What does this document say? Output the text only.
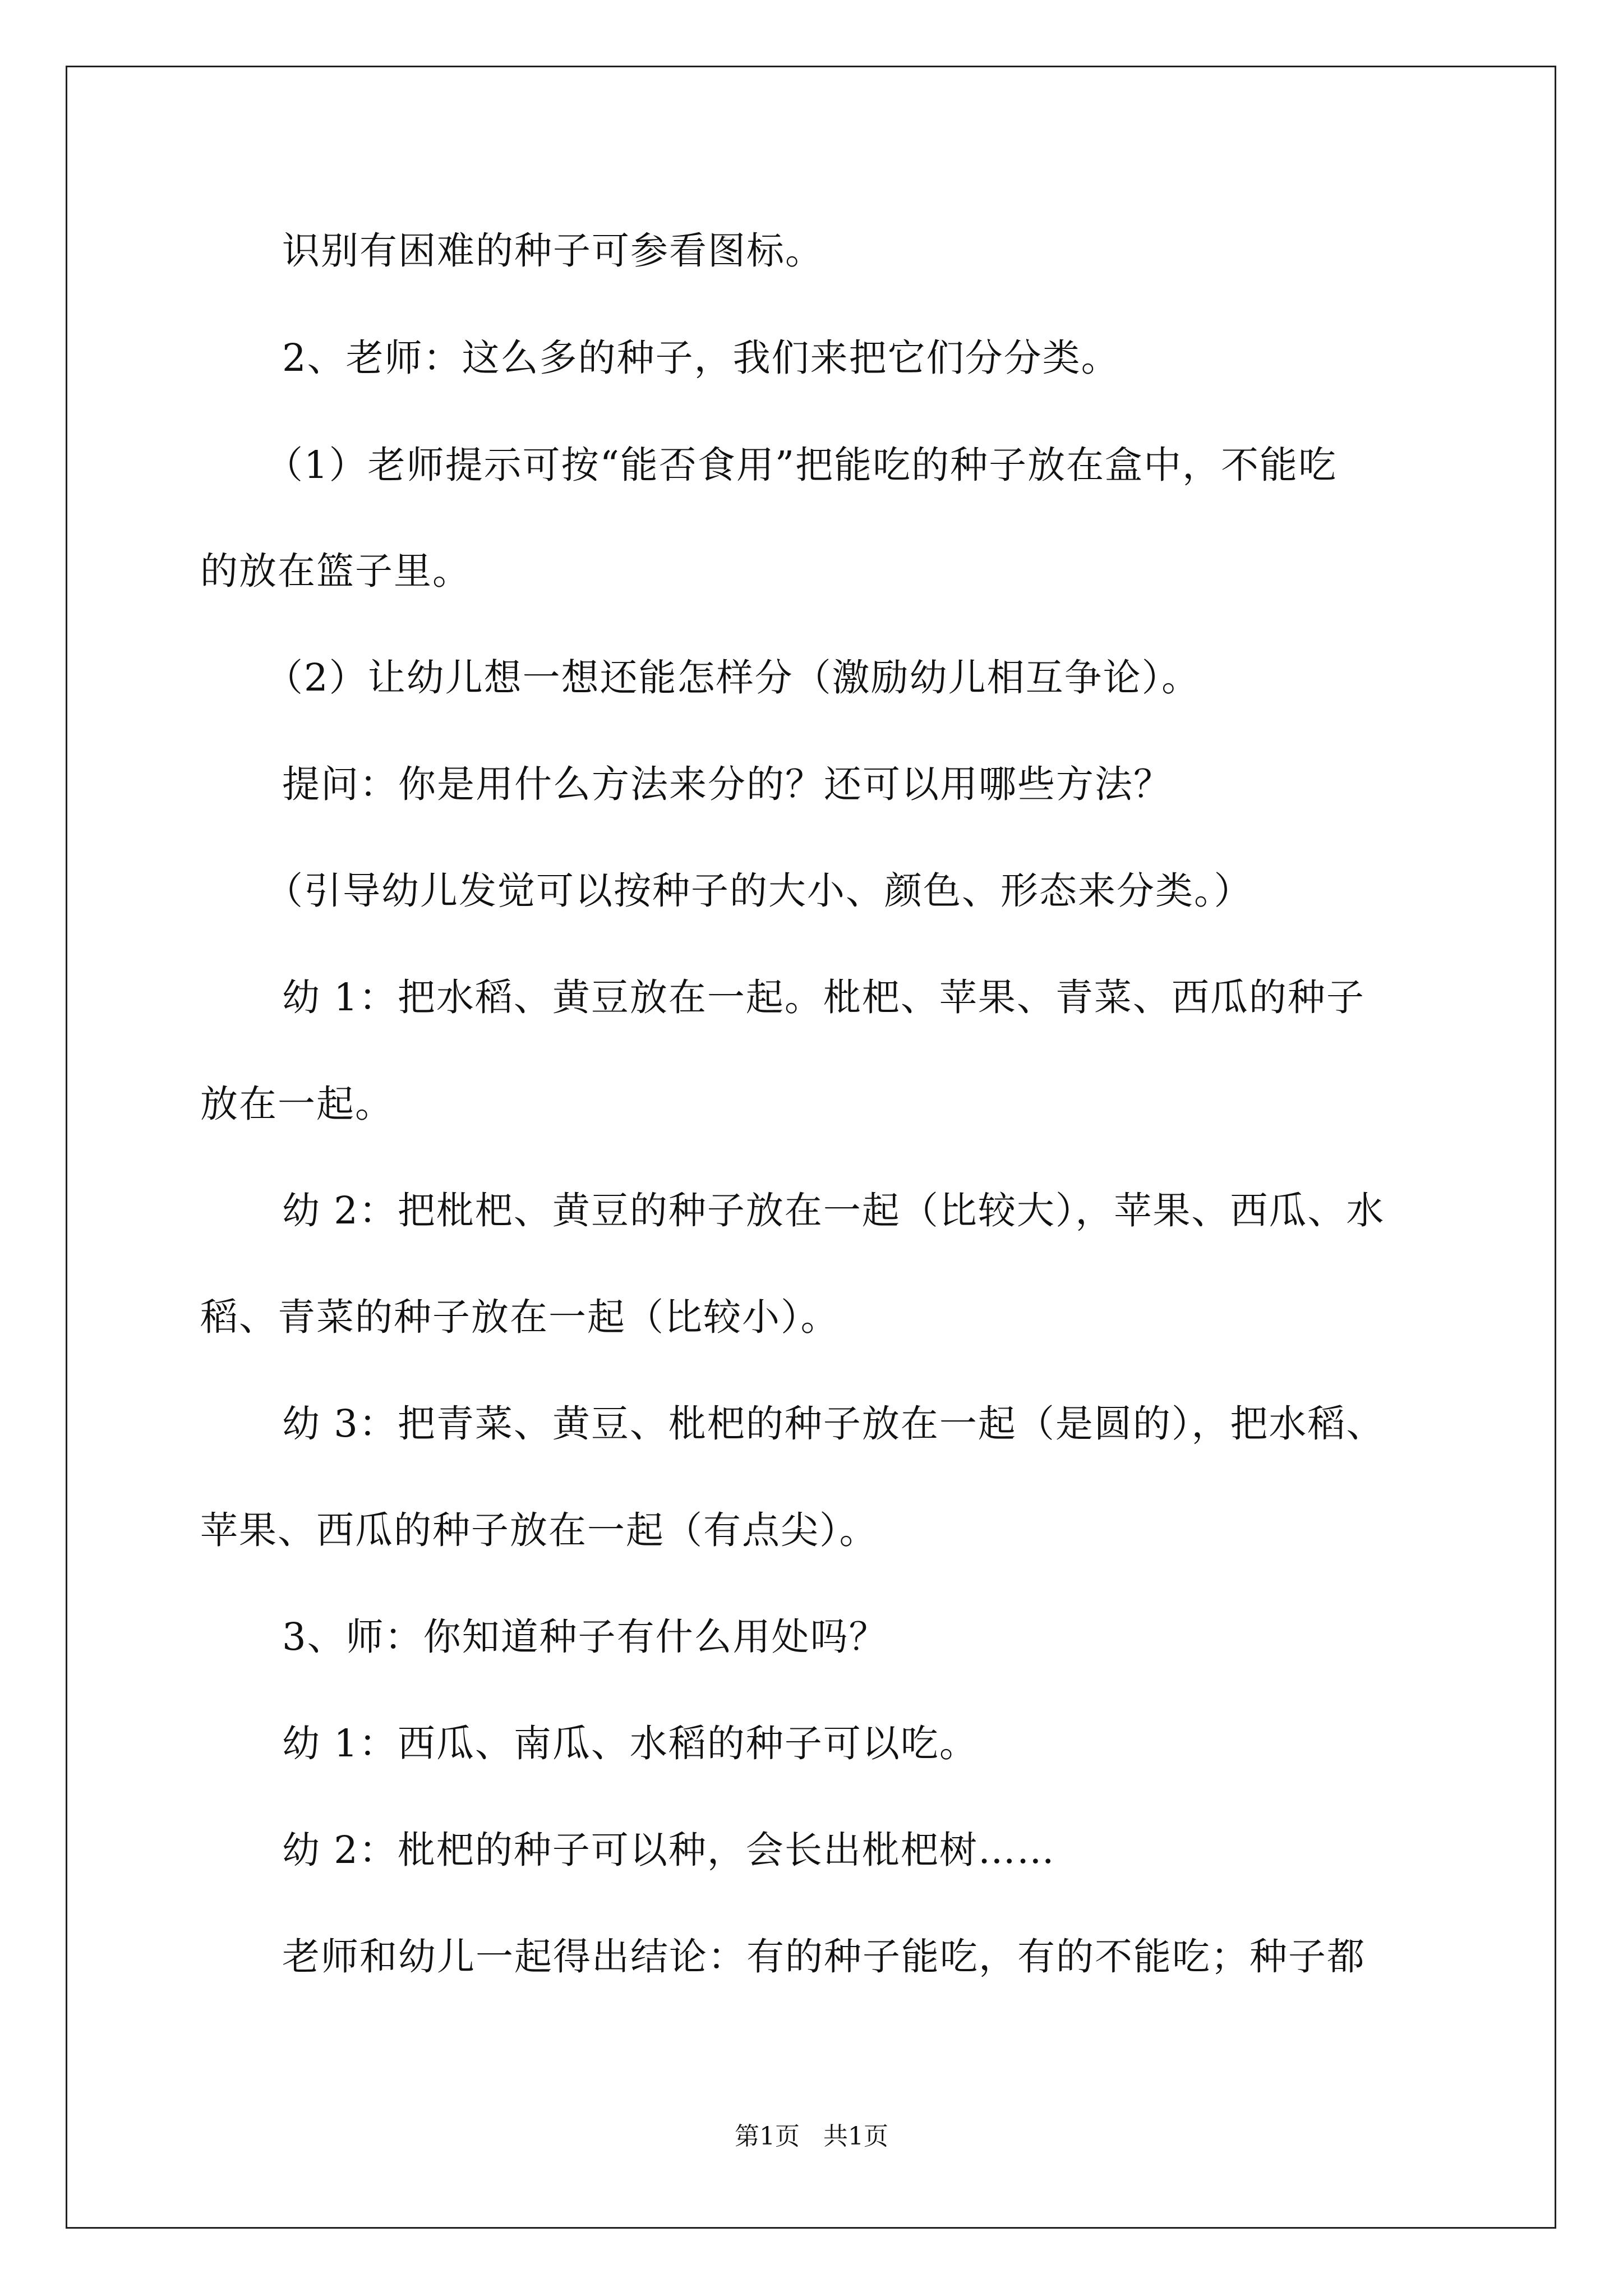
识别有困难的种子可参看图标。
2、老师：这么多的种子，我们来把它们分分类。
（1）老师提示可按“能否食用”把能吃的种子放在盒中，不能吃
的放在篮子里。
（2）让幼儿想一想还能怎样分（激励幼儿相互争论）。
提问：你是用什么方法来分的？还可以用哪些方法？
（引导幼儿发觉可以按种子的大小、颜色、形态来分类。）
幼 1：把水稻、黄豆放在一起。枇杷、苹果、青菜、西瓜的种子
放在一起。
幼 2：把枇杷、黄豆的种子放在一起（比较大），苹果、西瓜、水
稻、青菜的种子放在一起（比较小）。
幼 3：把青菜、黄豆、枇杷的种子放在一起（是圆的），把水稻、
苹果、西瓜的种子放在一起（有点尖）。
3、师：你知道种子有什么用处吗？
幼 1：西瓜、南瓜、水稻的种子可以吃。
幼 2：枇杷的种子可以种，会长出枇杷树……
老师和幼儿一起得出结论：有的种子能吃，有的不能吃；种子都
第1页   共1页
